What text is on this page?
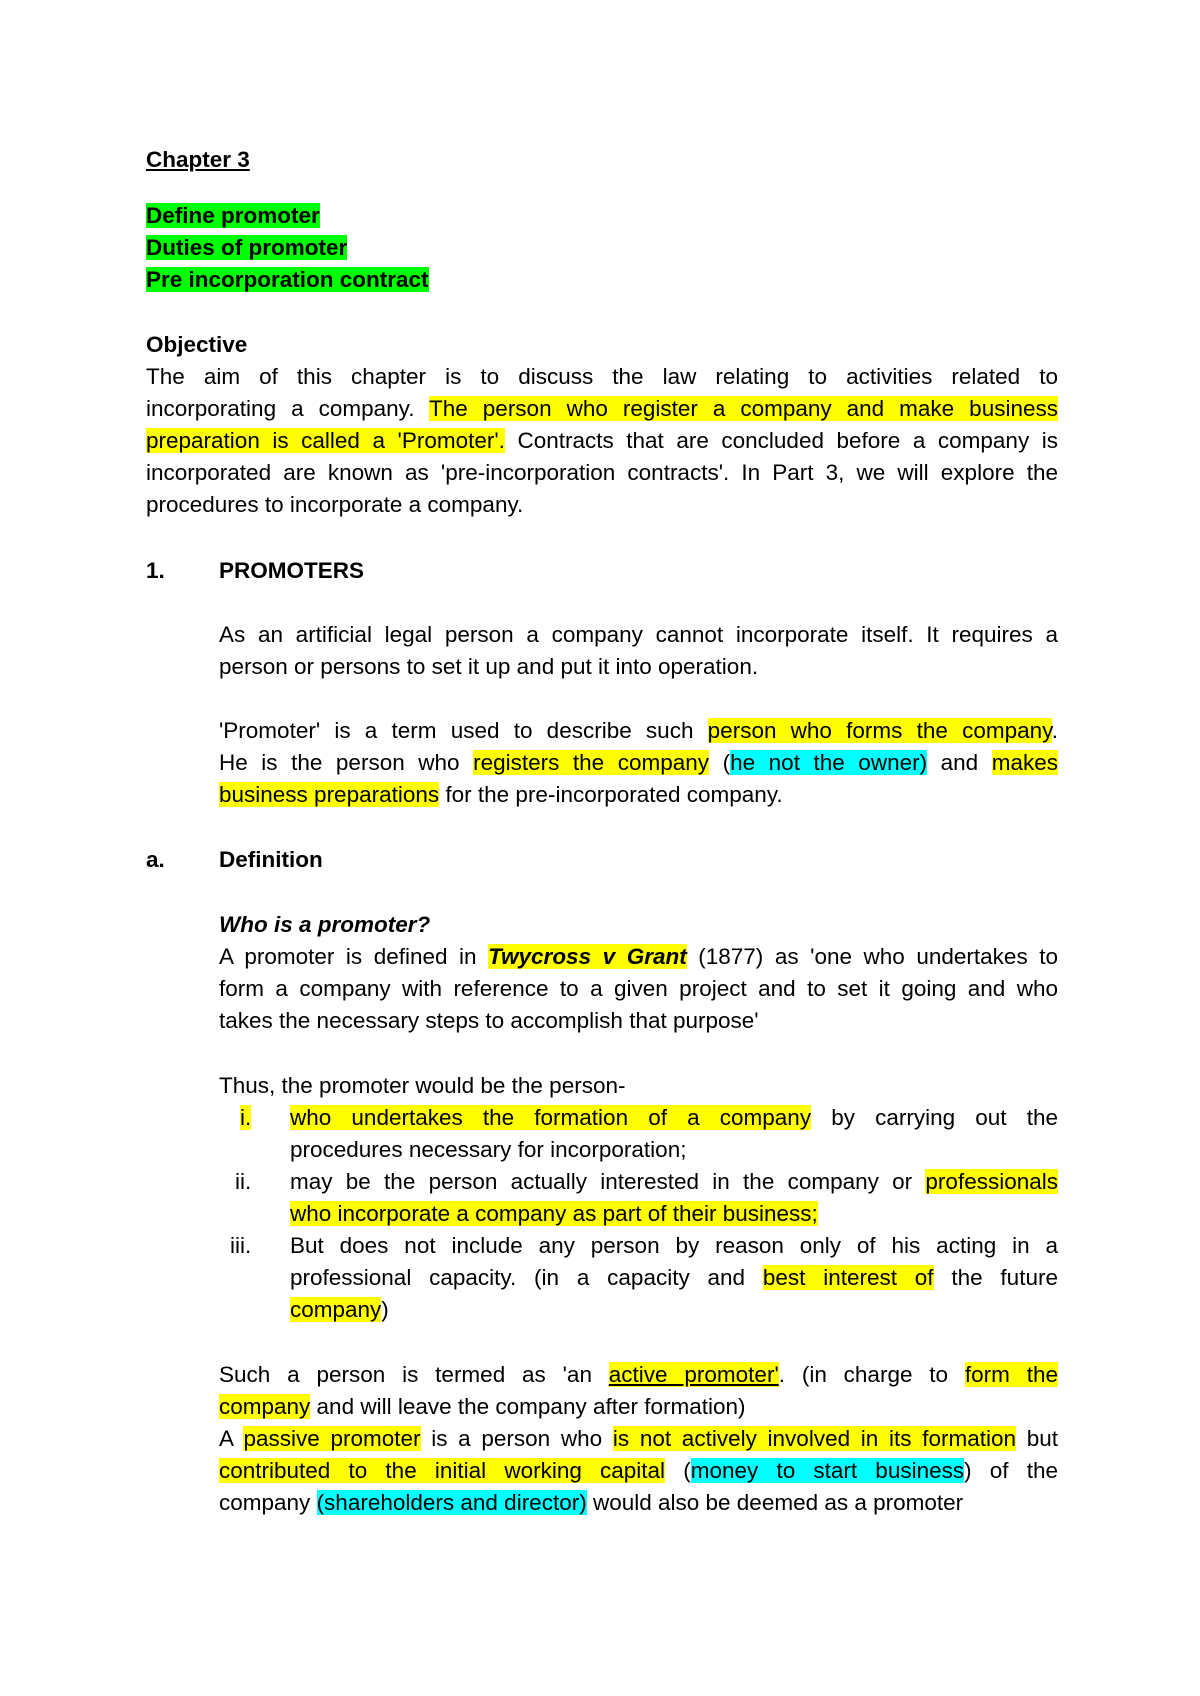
Chapter 3
Define promoter
Duties of promoter
Pre incorporation contract
Objective
The aim of this chapter is to discuss the law relating to activities related to
incorporating a company. The person who register a company and make business
preparation is called a 'Promoter'. Contracts that are concluded before a company is
incorporated are known as 'pre-incorporation contracts'. In Part 3, we will explore the
procedures to incorporate a company.
1. PROMOTERS
As an artificial legal person a company cannot incorporate itself. It requires a
person or persons to set it up and put it into operation.
'Promoter' is a term used to describe such person who forms the company.
He is the person who registers the company (he not the owner) and makes
business preparations for the pre-incorporated company.
a. Definition
Who is a promoter?
A promoter is defined in Twycross v Grant (1877) as 'one who undertakes to
form a company with reference to a given project and to set it going and who
takes the necessary steps to accomplish that purpose'
Thus, the promoter would be the person-
i. who undertakes the formation of a company by carrying out the
procedures necessary for incorporation;
ii. may be the person actually interested in the company or professionals
who incorporate a company as part of their business;
iii. But does not include any person by reason only of his acting in a
professional capacity. (in a capacity and best interest of the future
company)
Such a person is termed as 'an active promoter'. (in charge to form the
company and will leave the company after formation)
A passive promoter is a person who is not actively involved in its formation but
contributed to the initial working capital (money to start business) of the
company (shareholders and director) would also be deemed as a promoter
